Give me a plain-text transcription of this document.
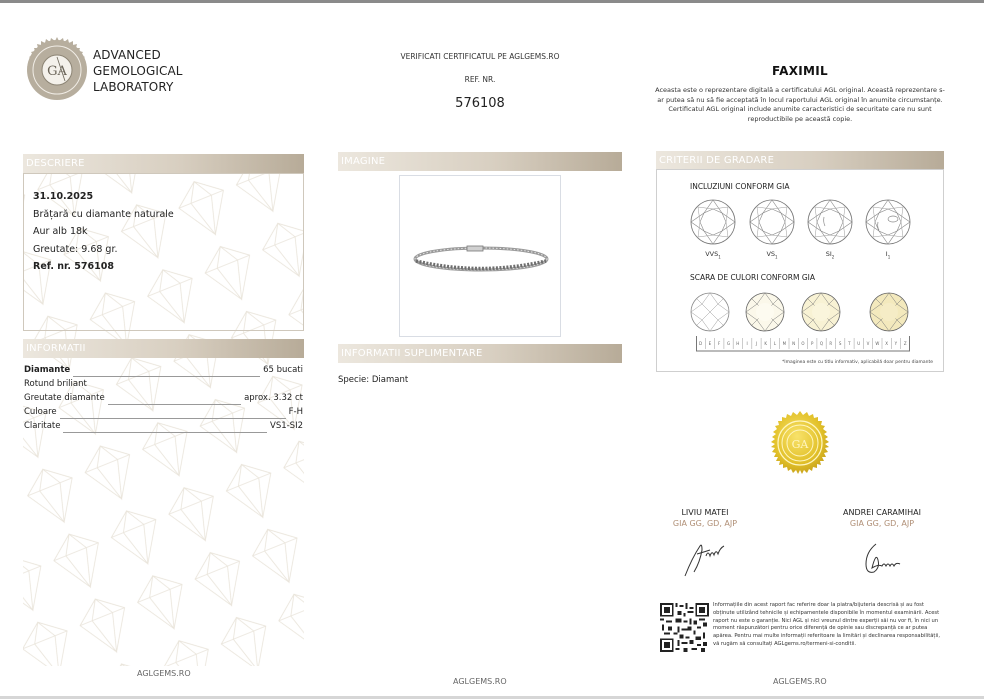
GA
ADVANCED
GEMOLOGICAL
LABORATORY
VERIFICATI CERTIFICATUL PE AGLGEMS.RO
REF. NR.
576108
FAXIMIL

Aceasta este o reprezentare digitală a certificatului AGL original. Această reprezentare s-ar putea să nu să fie acceptată în locul raportului AGL original în anumite circumstanțe. Certificatul AGL original include anumite caracteristici de securitate care nu sunt reproductibile pe această copie.

DESCRIERE
31.10.2025
Brățară cu diamante naturale
Aur alb 18k
Greutate: 9.68 gr.
Ref. nr. 576108
INFORMATII
Diamante	65 bucati
Rotund briliant
Greutate diamante	aprox. 3.32 ct
Culoare	F-H
Claritate	VS1-SI2
AGLGEMS.RO
IMAGINE
INFORMATII SUPLIMENTARE
Specie: Diamant
AGLGEMS.RO
CRITERII DE GRADARE
INCLUZIUNI CONFORM GIA
$VVS_1$	$VS_1$	$SI_2$	$I_1$
SCARA DE CULORI CONFORM GIA
D E F G H I J K L M N O P Q R S T U V W X Y Z
*Imaginea este cu titlu informativ, aplicabilă doar pentru diamante
GA
LIVIU MATEI
GIA GG, GD, AJP
ANDREI CARAMIHAI
GIA GG, GD, AJP
Informațiile din acest raport fac referire doar la piatra/bijuteria descrisă și au fost obținute utilizând tehnicile și echipamentele disponibile în momentul examinării. Acest raport nu este o garanție. Nici AGL și nici vreunul dintre experții săi nu vor fi, în nici un moment răspunzători pentru orice diferență de opinie sau discrepanță ce ar putea apărea. Pentru mai multe informații referitoare la limitări și declinarea responsabilității, vă rugăm să consultați AGLgems.ro/termeni-si-conditii.
AGLGEMS.RO
